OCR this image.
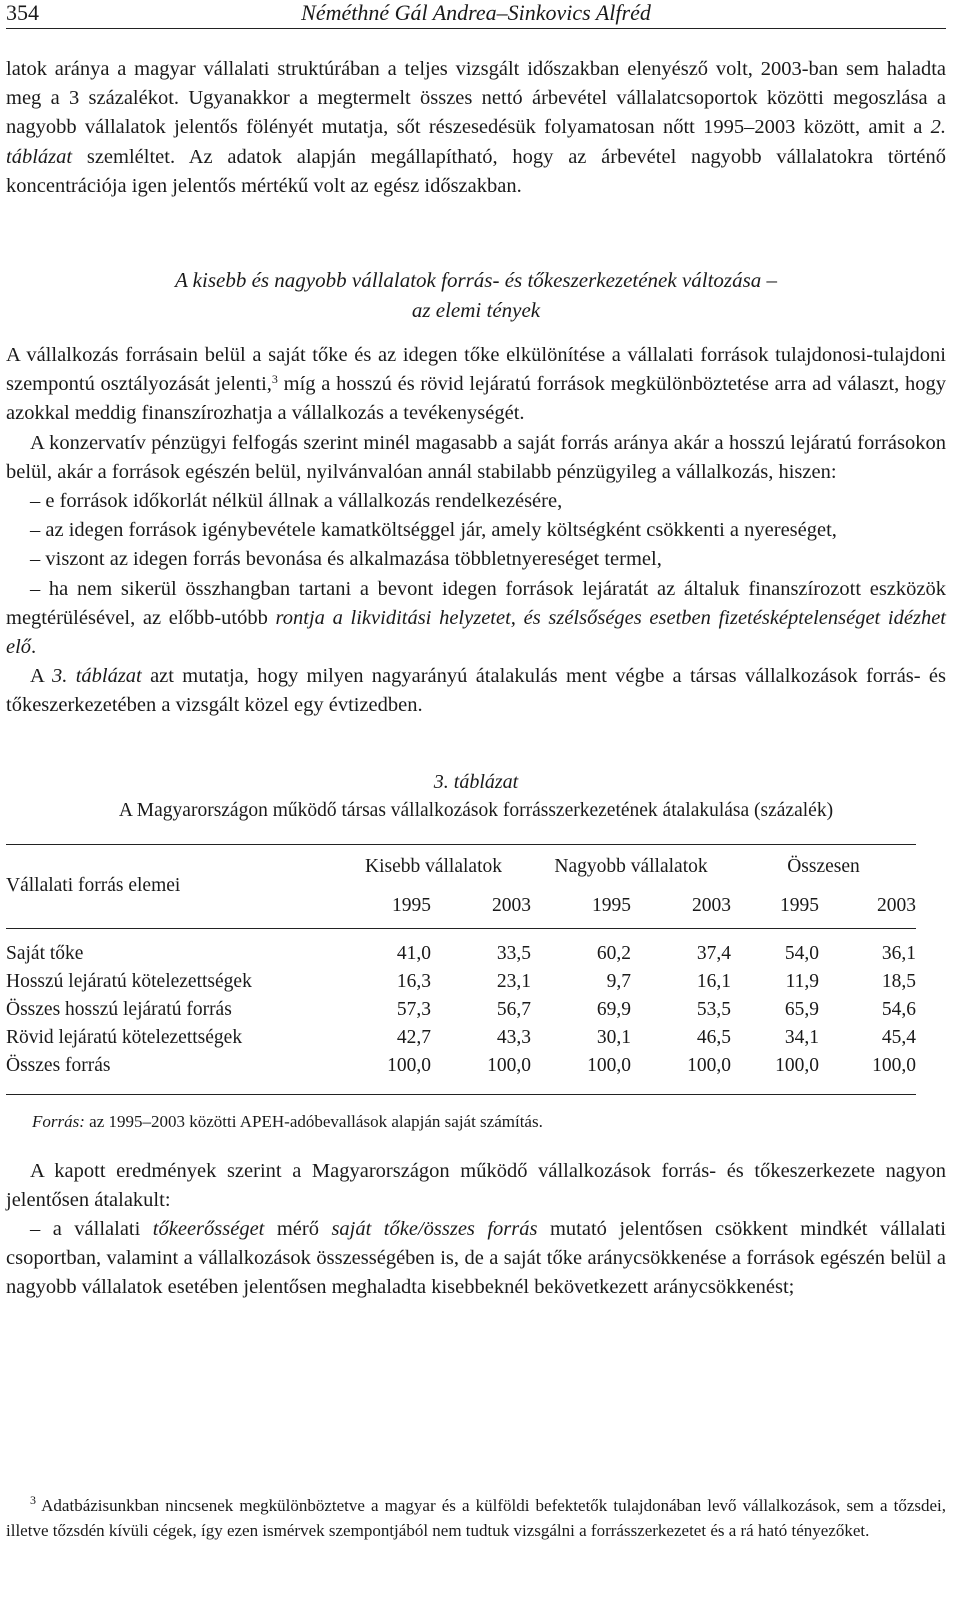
354	Néméthné Gál Andrea–Sinkovics Alfréd

latok aránya a magyar vállalati struktúrában a teljes vizsgált időszakban elenyésző volt, 2003-ban sem haladta meg a 3 százalékot. Ugyanakkor a megtermelt összes nettó árbevétel vállalatcsoportok közötti megoszlása a nagyobb vállalatok jelentős fölényét mutatja, sőt részesedésük folyamatosan nőtt 1995–2003 között, amit a 2. táblázat szemléltet. Az adatok alapján megállapítható, hogy az árbevétel nagyobb vállalatokra történő koncentrációja igen jelentős mértékű volt az egész időszakban.

A kisebb és nagyobb vállalatok forrás- és tőkeszerkezetének változása –
az elemi tények

A vállalkozás forrásain belül a saját tőke és az idegen tőke elkülönítése a vállalati források tulajdonosi-tulajdoni szempontú osztályozását jelenti,$^3$ míg a hosszú és rövid lejáratú források megkülönböztetése arra ad választ, hogy azokkal meddig finanszírozhatja a vállalkozás a tevékenységét.

A konzervatív pénzügyi felfogás szerint minél magasabb a saját forrás aránya akár a hosszú lejáratú forrásokon belül, akár a források egészén belül, nyilvánvalóan annál stabilabb pénzügyileg a vállalkozás, hiszen:

– e források időkorlát nélkül állnak a vállalkozás rendelkezésére,

– az idegen források igénybevétele kamatköltséggel jár, amely költségként csökkenti a nyereséget,

– viszont az idegen forrás bevonása és alkalmazása többletnyereséget termel,

– ha nem sikerül összhangban tartani a bevont idegen források lejáratát az általuk finanszírozott eszközök megtérülésével, az előbb-utóbb rontja a likviditási helyzetet, és szélsőséges esetben fizetésképtelenséget idézhet elő.

A 3. táblázat azt mutatja, hogy milyen nagyarányú átalakulás ment végbe a társas vállalkozások forrás- és tőkeszerkezetében a vizsgált közel egy évtizedben.

3. táblázat
A Magyarországon működő társas vállalkozások forrásszerkezetének átalakulása (százalék)
Vállalati forrás elemei	Kisebb vállalatok		Nagyobb vállalatok		Összesen	
	1995	2003	1995	2003	1995	2003

Saját tőke	41,0	33,5	60,2	37,4	54,0	36,1
Hosszú lejáratú kötelezettségek	16,3	23,1	9,7	16,1	11,9	18,5
Összes hosszú lejáratú forrás	57,3	56,7	69,9	53,5	65,9	54,6
Rövid lejáratú kötelezettségek	42,7	43,3	30,1	46,5	34,1	45,4
Összes forrás	100,0	100,0	100,0	100,0	100,0	100,0

Forrás: az 1995–2003 közötti APEH-adóbevallások alapján saját számítás.

A kapott eredmények szerint a Magyarországon működő vállalkozások forrás- és tőkeszerkezete nagyon jelentősen átalakult:

– a vállalati tőkeerősséget mérő saját tőke/összes forrás mutató jelentősen csökkent mindkét vállalati csoportban, valamint a vállalkozások összességében is, de a saját tőke aránycsökkenése a források egészén belül a nagyobb vállalatok esetében jelentősen meghaladta kisebbeknél bekövetkezett aránycsökkenést;

$^3$ Adatbázisunkban nincsenek megkülönböztetve a magyar és a külföldi befektetők tulajdonában levő vállalkozások, sem a tőzsdei, illetve tőzsdén kívüli cégek, így ezen ismérvek szempontjából nem tudtuk vizsgálni a forrásszerkezetet és a rá ható tényezőket.
